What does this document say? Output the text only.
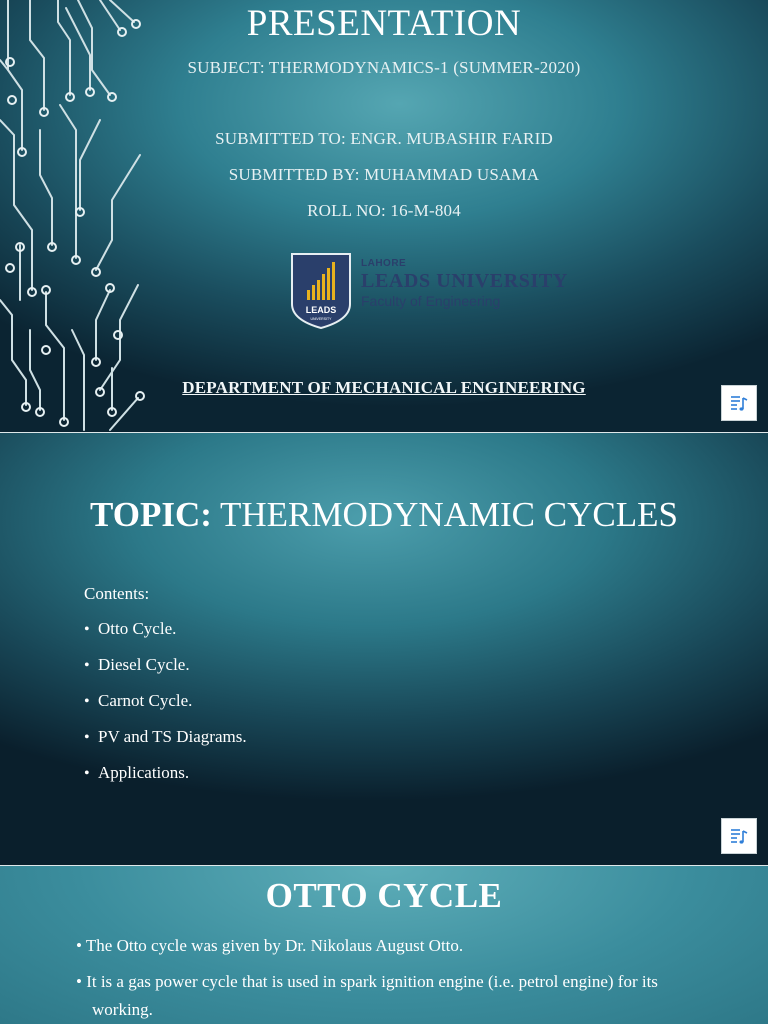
PRESENTATION
SUBJECT: THERMODYNAMICS-1 (SUMMER-2020)
SUBMITTED TO: ENGR. MUBASHIR FARID
SUBMITTED BY: MUHAMMAD USAMA
ROLL NO: 16-M-804
LEADS
UNIVERSITY
LAHORE
LEADS UNIVERSITY
Faculty of Engineering
DEPARTMENT OF MECHANICAL ENGINEERING
TOPIC: THERMODYNAMIC CYCLES
Contents:
• Otto Cycle.
• Diesel Cycle.
• Carnot Cycle.
• PV and TS Diagrams.
• Applications.
OTTO CYCLE
• The Otto cycle was given by Dr. Nikolaus August Otto.
• It is a gas power cycle that is used in spark ignition engine (i.e. petrol engine) for its working.
